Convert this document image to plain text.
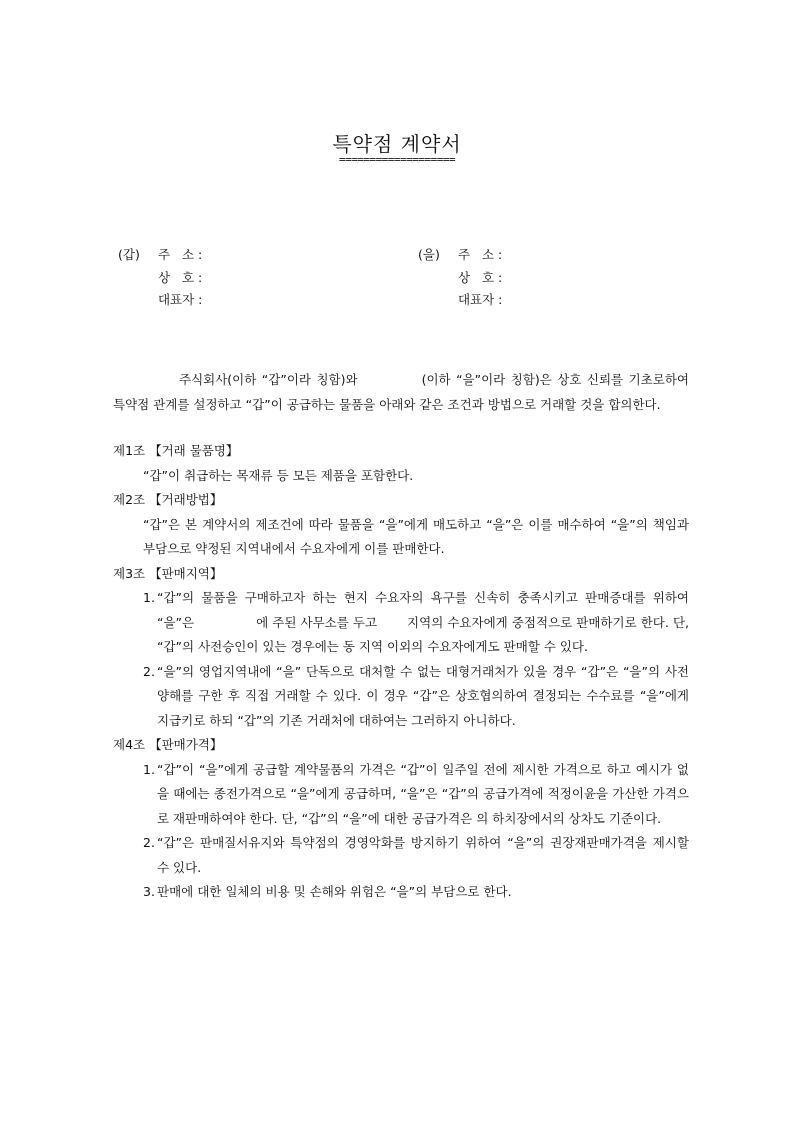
특약점 계약서
===================
(갑) 주   소 :
상   호 :
대표자 :
(을) 주   소 :
상   호 :
대표자 :

주식회사(이하 “갑”이라 칭함)와	(이하 “을”이라 칭함)은 상호 신뢰를 기초로하여 특약점 관계를 설정하고 “갑”이 공급하는 물품을 아래와 같은 조건과 방법으로 거래할 것을 합의한다.

제1조 【거래 물품명】
“갑”이 취급하는 목재류 등 모든 제품을 포함한다.
제2조 【거래방법】
“갑”은 본 계약서의 제조건에 따라 물품을 “을”에게 매도하고 “을”은 이를 매수하여 “을”의 책임과 부담으로 약정된 지역내에서 수요자에게 이를 판매한다.
제3조 【판매지역】
1. “갑”의 물품을 구매하고자 하는 현지 수요자의 욕구를 신속히 충족시키고 판매증대를 위하여 “을”은	에 주된 사무소를 두고 지역의 수요자에게 중점적으로 판매하기로 한다. 단, “갑”의 사전승인이 있는 경우에는 동 지역 이외의 수요자에게도 판매할 수 있다.
2. “을”의 영업지역내에 “을” 단독으로 대처할 수 없는 대형거래처가 있을 경우 “갑”은 “을”의 사전 양해를 구한 후 직접 거래할 수 있다. 이 경우 “갑”은 상호협의하여 결정되는 수수료를 “을”에게 지급키로 하되 “갑”의 기존 거래처에 대하여는 그러하지 아니하다.
제4조 【판매가격】
1. “갑”이 “을”에게 공급할 계약물품의 가격은 “갑”이 일주일 전에 제시한 가격으로 하고 예시가 없을 때에는 종전가격으로 “을”에게 공급하며, “을”은 “갑”의 공급가격에 적정이윤을 가산한 가격으로 재판매하여야 한다. 단, “갑”의 “을”에 대한 공급가격은 의 하치장에서의 상차도 기준이다.
2. “갑”은 판매질서유지와 특약점의 경영악화를 방지하기 위하여 “을”의 권장재판매가격을 제시할 수 있다.
3. 판매에 대한 일체의 비용 및 손해와 위험은 “을”의 부담으로 한다.
